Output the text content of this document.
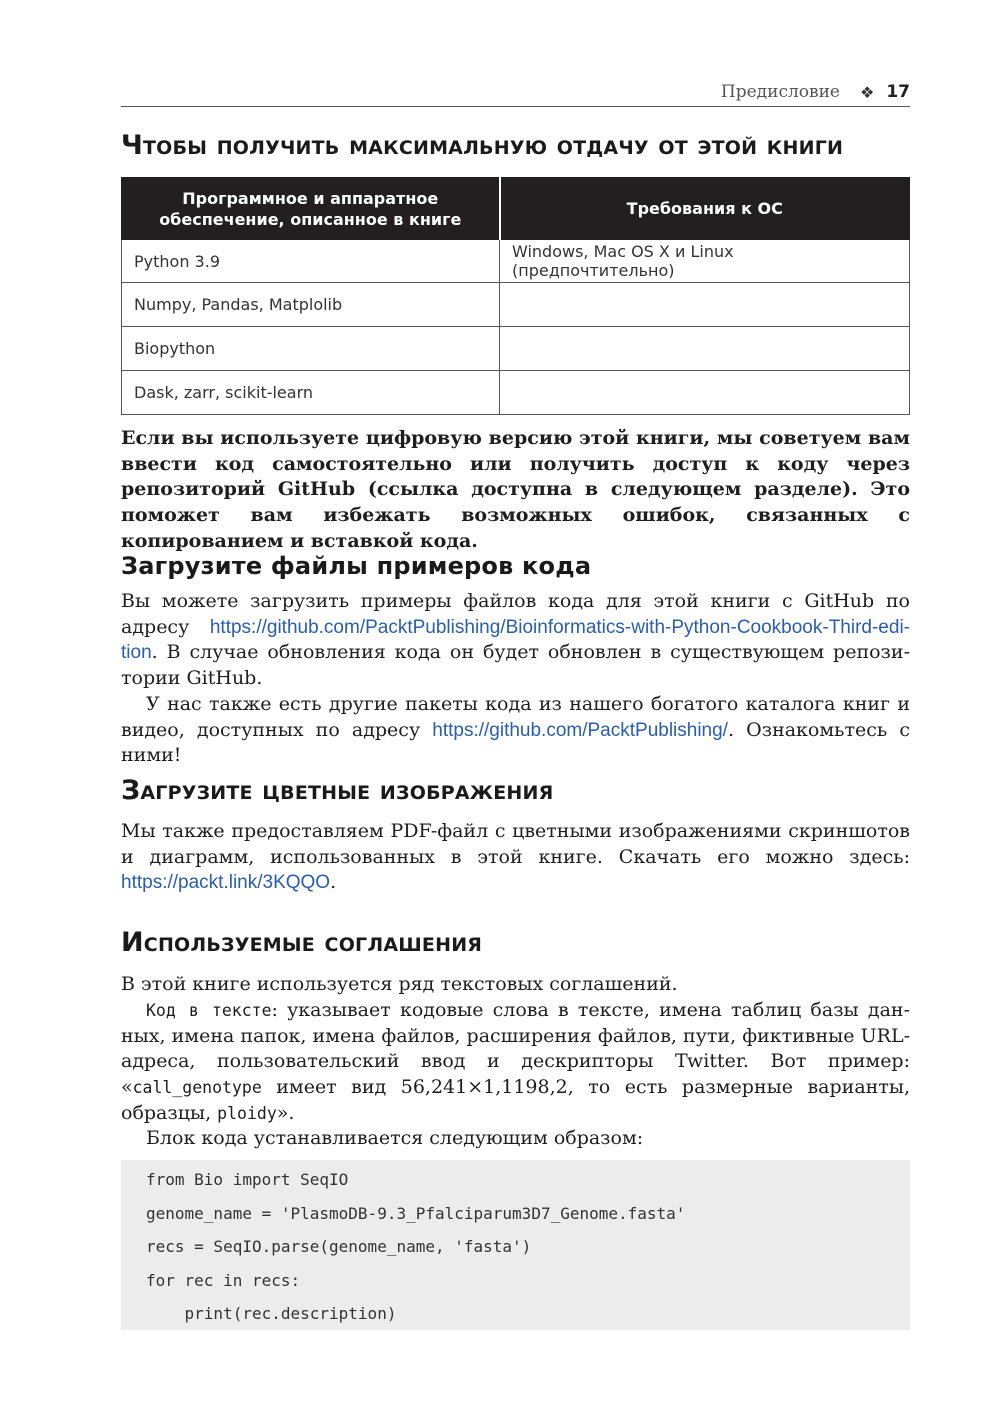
Предисловие ❖ 17
Чтобы получить максимальную отдачу от этой книги
Программное и аппаратное обеспечение, описанное в книге	Требования к ОС
Python 3.9	Windows, Mac OS X и Linux (предпочтительно)
Numpy, Pandas, Matplolib	
Biopython	
Dask, zarr, scikit-learn	

Если вы используете цифровую версию этой книги, мы советуем вам ввести код самостоятельно или получить доступ к коду через репозиторий GitHub (ссылка доступна в следующем разделе). Это поможет вам избежать возможных ошибок, связанных с копированием и вставкой кода.

Загрузите файлы примеров кода

Вы можете загрузить примеры файлов кода для этой книги с GitHub по адресу https://github.com/PacktPublishing/Bioinformatics-with-Python-Cookbook-Third-edition. В случае обновления кода он будет обновлен в существующем репозитории GitHub.

У нас также есть другие пакеты кода из нашего богатого каталога книг и видео, доступных по адресу https://github.com/PacktPublishing/. Ознакомьтесь с ними!

Загрузите цветные изображения

Мы также предоставляем PDF-файл с цветными изображениями скриншотов и диаграмм, использованных в этой книге. Скачать его можно здесь: https://packt.link/3KQQO.

Используемые соглашения

В этой книге используется ряд текстовых соглашений.

Код в тексте: указывает кодовые слова в тексте, имена таблиц базы данных, имена папок, имена файлов, расширения файлов, пути, фиктивные URL-адреса, пользовательский ввод и дескрипторы Twitter. Вот пример: «call_genotype имеет вид 56,241×1,1198,2, то есть размерные варианты, образцы, ploidy».

Блок кода устанавливается следующим образом:

from Bio import SeqIO
genome_name = 'PlasmoDB-9.3_Pfalciparum3D7_Genome.fasta'
recs = SeqIO.parse(genome_name, 'fasta')
for rec in recs:
print(rec.description)
